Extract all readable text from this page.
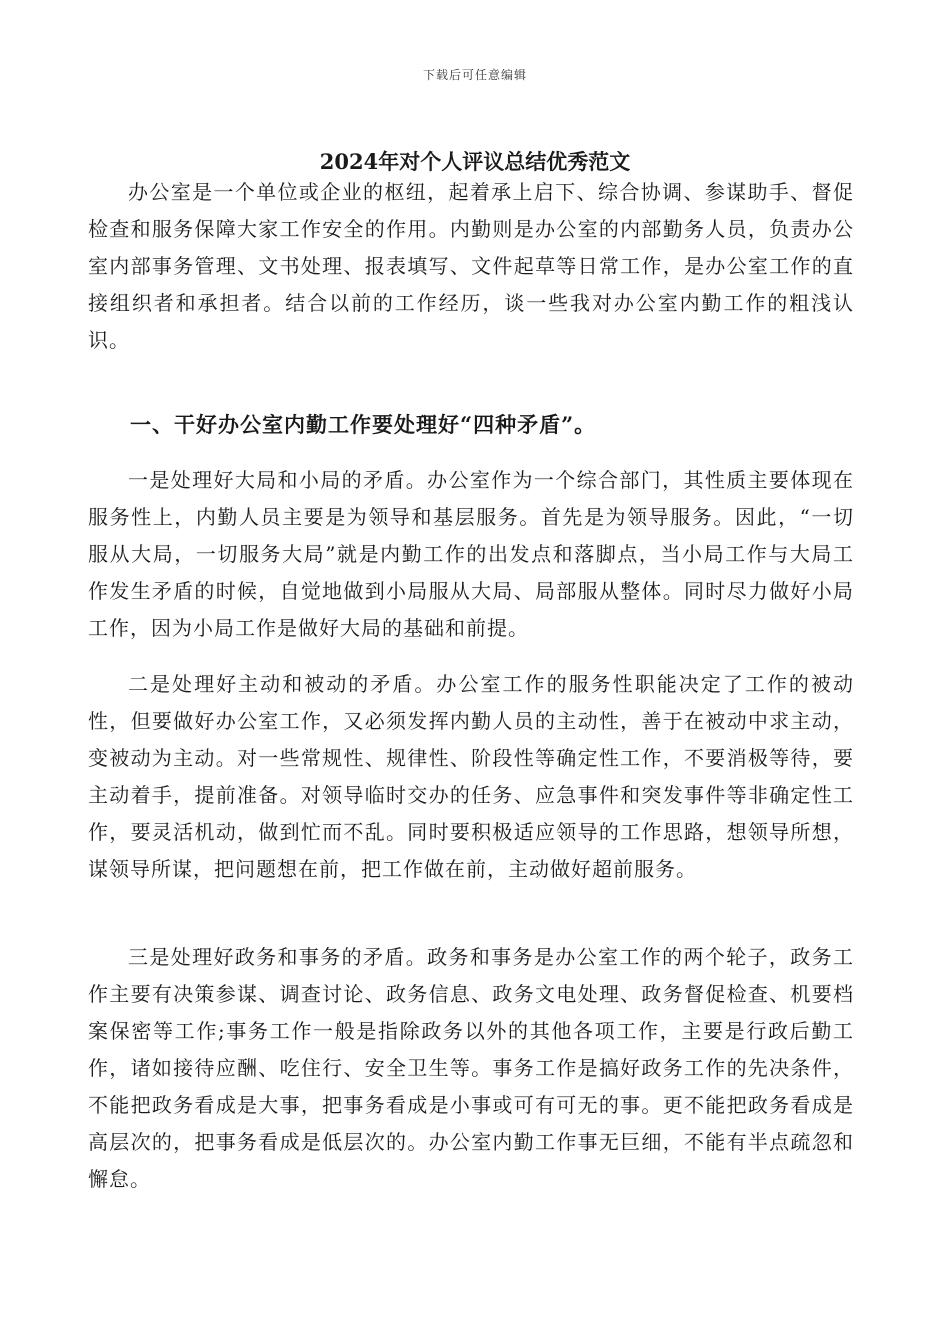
下载后可任意编辑
2024年对个人评议总结优秀范文

办公室是一个单位或企业的枢纽，起着承上启下、综合协调、参谋助手、督促检查和服务保障大家工作安全的作用。内勤则是办公室的内部勤务人员，负责办公室内部事务管理、文书处理、报表填写、文件起草等日常工作，是办公室工作的直接组织者和承担者。结合以前的工作经历，谈一些我对办公室内勤工作的粗浅认识。

一、干好办公室内勤工作要处理好“四种矛盾”。

一是处理好大局和小局的矛盾。办公室作为一个综合部门，其性质主要体现在服务性上，内勤人员主要是为领导和基层服务。首先是为领导服务。因此，“一切服从大局，一切服务大局”就是内勤工作的出发点和落脚点，当小局工作与大局工作发生矛盾的时候，自觉地做到小局服从大局、局部服从整体。同时尽力做好小局工作，因为小局工作是做好大局的基础和前提。

二是处理好主动和被动的矛盾。办公室工作的服务性职能决定了工作的被动性，但要做好办公室工作，又必须发挥内勤人员的主动性，善于在被动中求主动，变被动为主动。对一些常规性、规律性、阶段性等确定性工作，不要消极等待，要主动着手，提前准备。对领导临时交办的任务、应急事件和突发事件等非确定性工作，要灵活机动，做到忙而不乱。同时要积极适应领导的工作思路，想领导所想，谋领导所谋，把问题想在前，把工作做在前，主动做好超前服务。

三是处理好政务和事务的矛盾。政务和事务是办公室工作的两个轮子，政务工作主要有决策参谋、调查讨论、政务信息、政务文电处理、政务督促检查、机要档案保密等工作;事务工作一般是指除政务以外的其他各项工作，主要是行政后勤工作，诸如接待应酬、吃住行、安全卫生等。事务工作是搞好政务工作的先决条件，不能把政务看成是大事，把事务看成是小事或可有可无的事。更不能把政务看成是高层次的，把事务看成是低层次的。办公室内勤工作事无巨细，不能有半点疏忽和懈怠。
